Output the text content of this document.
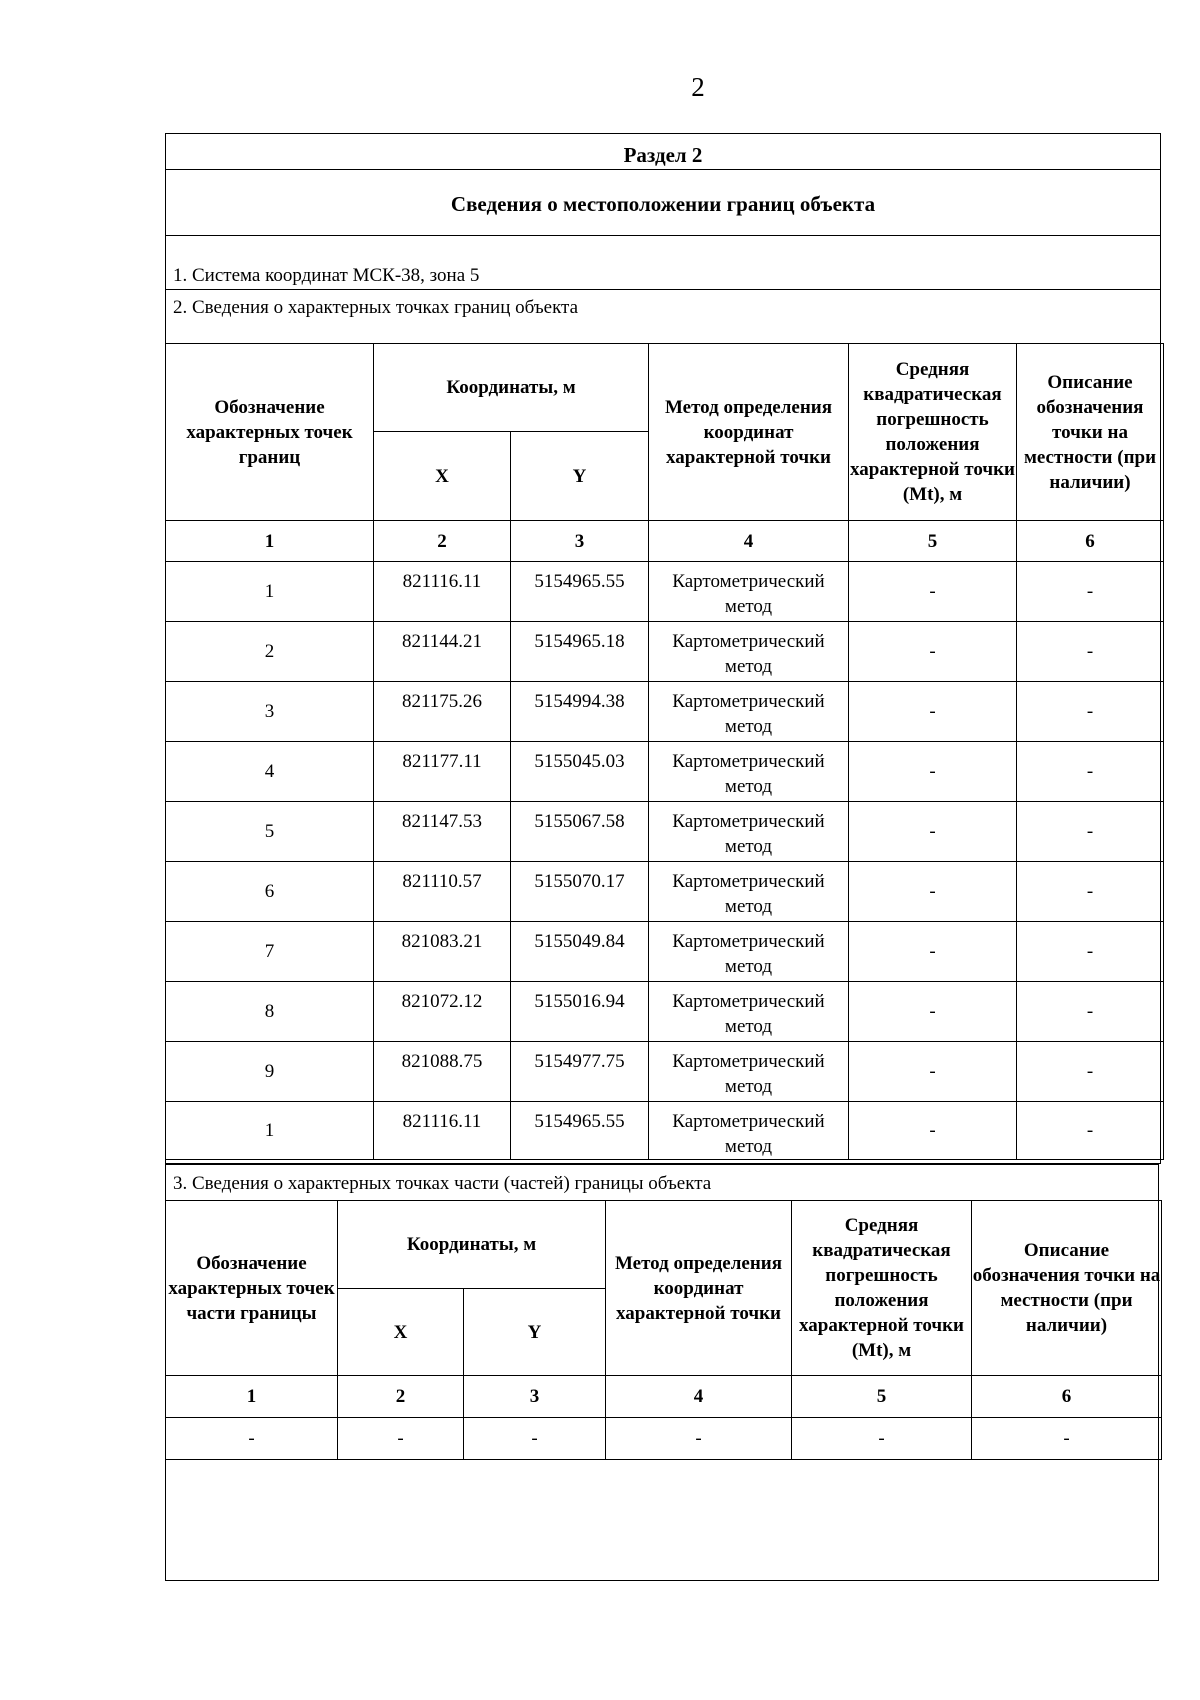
2
Раздел 2
Сведения о местоположении границ объекта
1. Система координат МСК-38, зона 5
2. Сведения о характерных точках границ объекта
Обозначение характерных точек границ	Координаты, м		Метод определения координат характерной точки	Средняя квадратическая погрешность положения характерной точки (Mt), м	Описание обозначения точки на местности (при наличии)
	X	Y			
1	2	3	4	5	6
1	821116.11	5154965.55	Картометрический метод	-	-
2	821144.21	5154965.18	Картометрический метод	-	-
3	821175.26	5154994.38	Картометрический метод	-	-
4	821177.11	5155045.03	Картометрический метод	-	-
5	821147.53	5155067.58	Картометрический метод	-	-
6	821110.57	5155070.17	Картометрический метод	-	-
7	821083.21	5155049.84	Картометрический метод	-	-
8	821072.12	5155016.94	Картометрический метод	-	-
9	821088.75	5154977.75	Картометрический метод	-	-
1	821116.11	5154965.55	Картометрический метод	-	-
3. Сведения о характерных точках части (частей) границы объекта
Обозначение характерных точек части границы	Координаты, м		Метод определения координат характерной точки	Средняя квадратическая погрешность положения характерной точки (Mt), м	Описание обозначения точки на местности (при наличии)
	X	Y			
1	2	3	4	5	6
-	-	-	-	-	-
